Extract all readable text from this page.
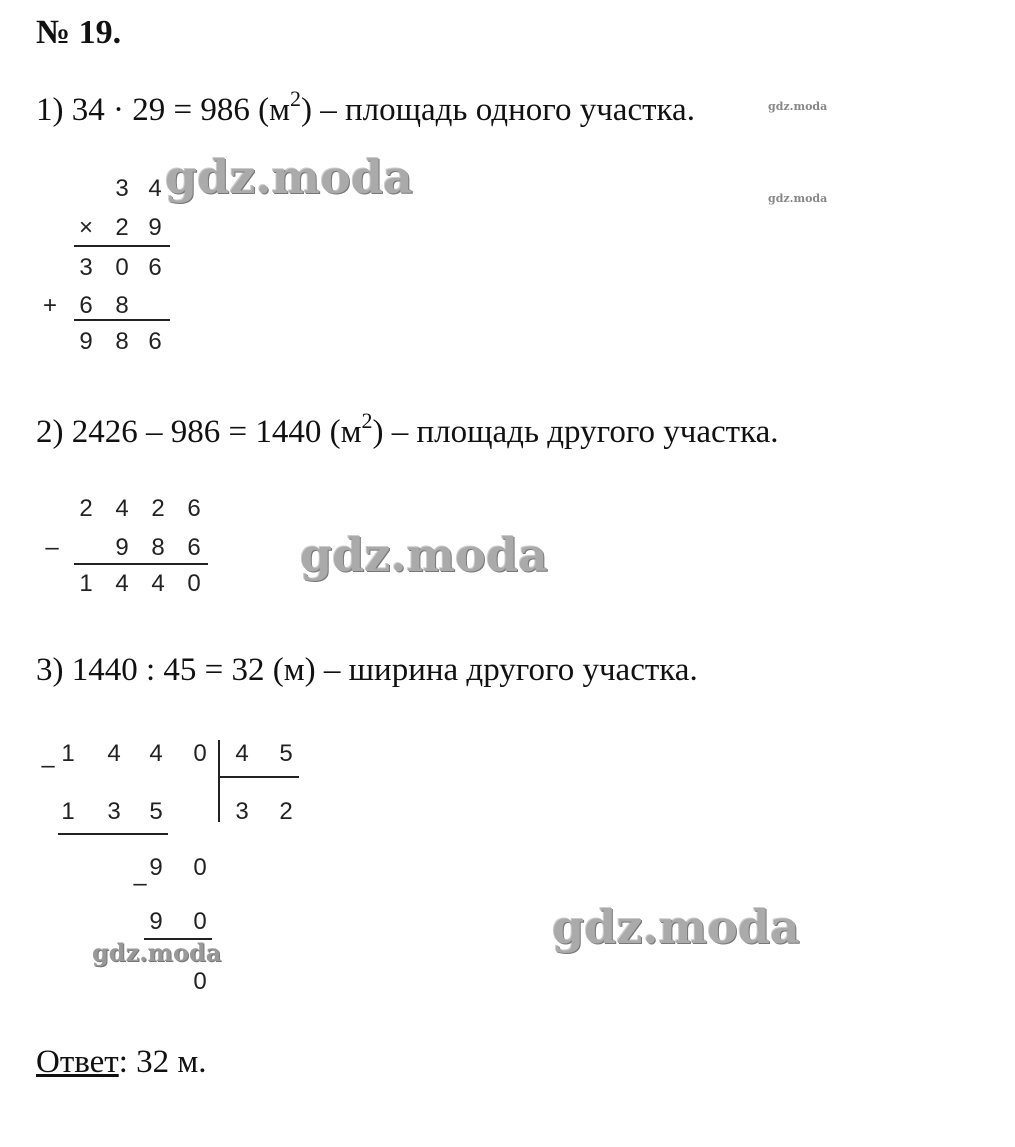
№ 19.
1) 34 · 29 = 986 $(м^2)$ – площадь одного участка.
3 4
× 2 9
3 0 6
+ 6 8
9 8 6
2) 2426 – 986 = 1440 $(м^2)$ – площадь другого участка.
2 4 2 6
– 9 8 6
1 4 4 0
3) 1440 : 45 = 32 (м) – ширина другого участка.
1 4 4 0 4 5
–
1 3 5	3 2
9 0
–
9 0
0
Ответ: 32 м.
gdz.moda
gdz.moda
gdz.moda
gdz.moda
gdz.moda
gdz.moda
